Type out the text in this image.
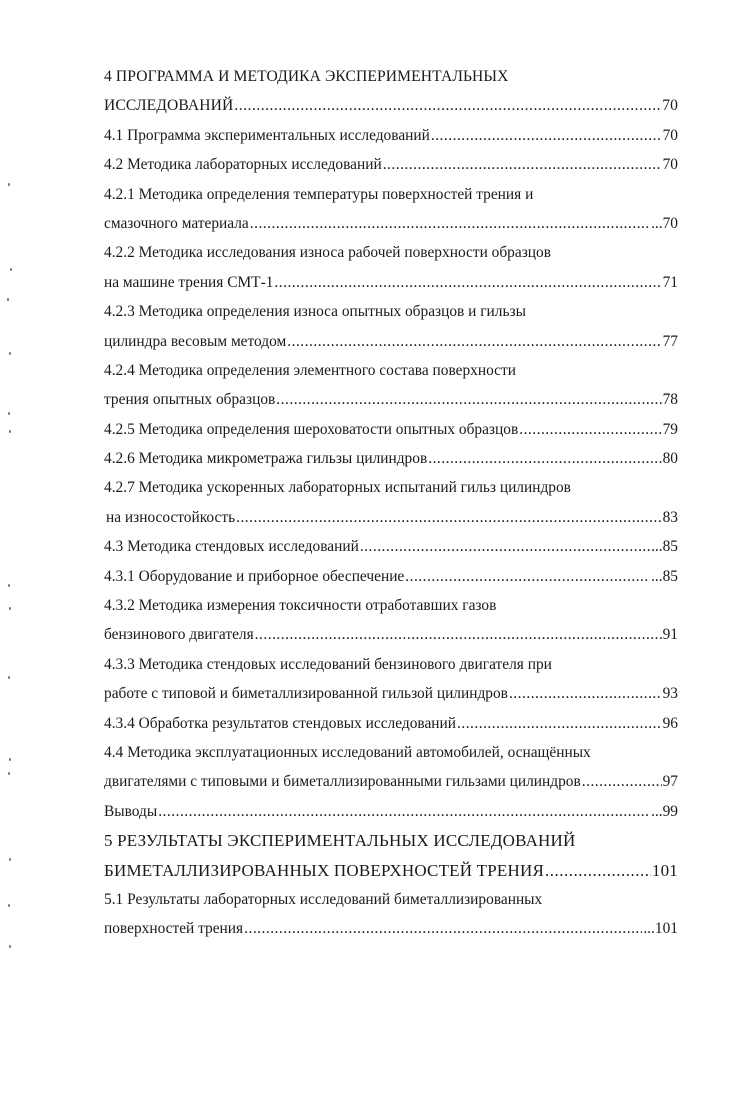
4 ПРОГРАММА И МЕТОДИКА ЭКСПЕРИМЕНТАЛЬНЫХ
ИССЛЕДОВАНИЙ .....	70
4.1 Программа экспериментальных исследований .....	70
4.2 Методика лабораторных исследований .....	70
4.2.1 Методика определения температуры поверхностей трения и
смазочного материала .....	...70
4.2.2 Методика исследования износа рабочей поверхности образцов
на машине трения СМТ-1 .....	71
4.2.3 Методика определения износа опытных образцов и гильзы
цилиндра весовым методом .....	77
4.2.4 Методика определения элементного состава поверхности
трения опытных образцов .....	78
4.2.5 Методика определения шероховатости опытных образцов .....	79
4.2.6 Методика микрометража гильзы цилиндров .....	80
4.2.7 Методика ускоренных лабораторных испытаний гильз цилиндров
на износостойкость .....	83
4.3 Методика стендовых исследований .....	...85
4.3.1 Оборудование и приборное обеспечение .....	...85
4.3.2 Методика измерения токсичности отработавших газов
бензинового двигателя .....	91
4.3.3 Методика стендовых исследований бензинового двигателя при
работе с типовой и биметаллизированной гильзой цилиндров .....	93
4.3.4 Обработка результатов стендовых исследований .....	96
4.4 Методика эксплуатационных исследований автомобилей, оснащённых
двигателями с типовыми и биметаллизированными гильзами цилиндров .....	97
Выводы .....	...99
5 РЕЗУЛЬТАТЫ ЭКСПЕРИМЕНТАЛЬНЫХ ИССЛЕДОВАНИЙ
БИМЕТАЛЛИЗИРОВАННЫХ ПОВЕРХНОСТЕЙ ТРЕНИЯ .....	101
5.1 Результаты лабораторных исследований биметаллизированных
поверхностей трения .....	...101
